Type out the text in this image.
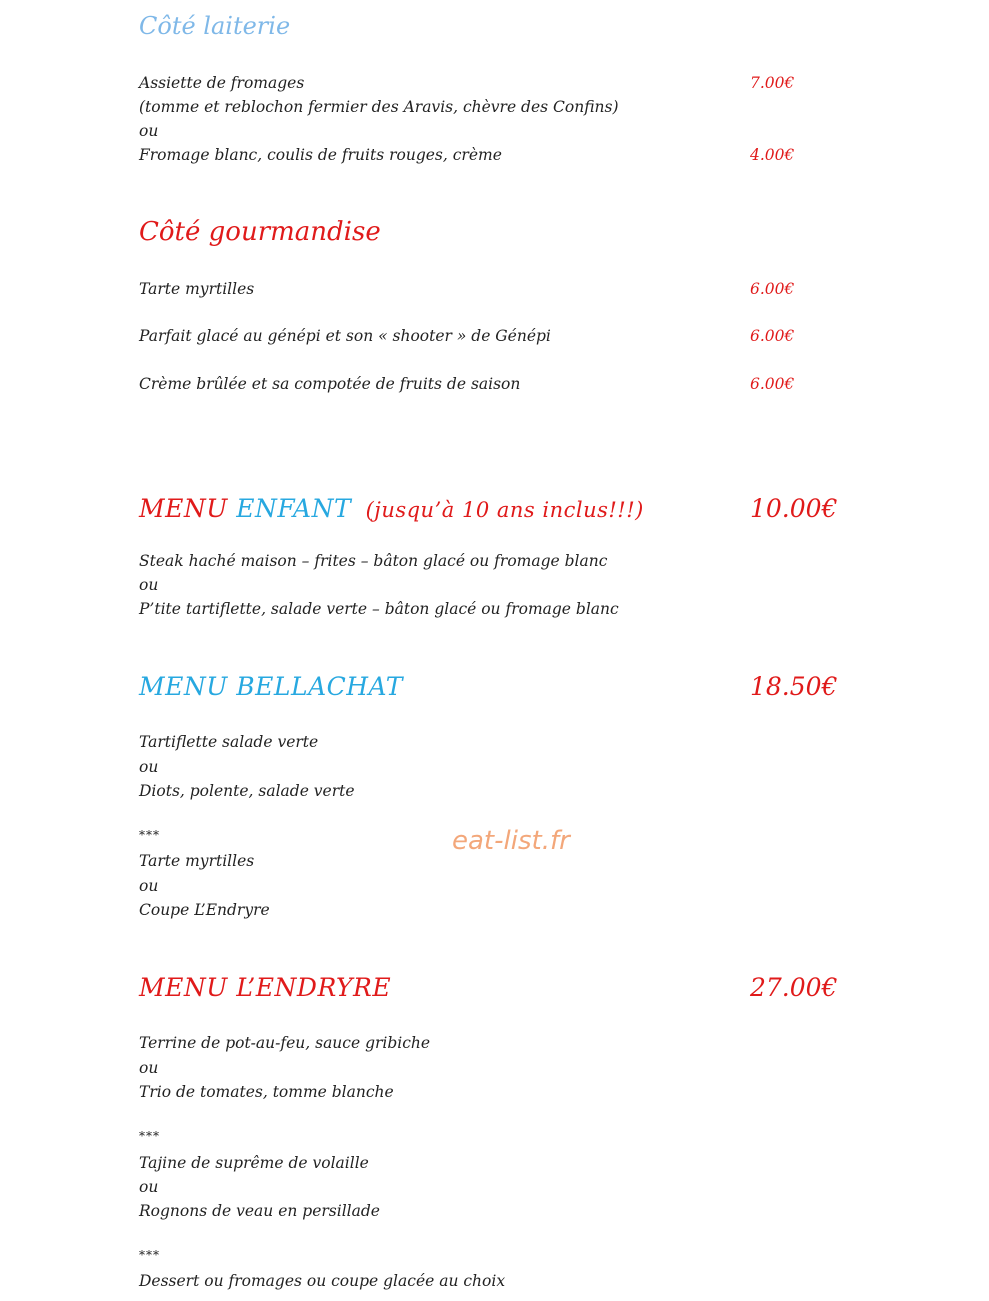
Côté laiterie
Assiette de fromages	7.00€
(tomme et reblochon fermier des Aravis, chèvre des Confins)
ou
Fromage blanc, coulis de fruits rouges, crème	4.00€
Côté gourmandise
Tarte myrtilles	6.00€
Parfait glacé au génépi et son « shooter » de Génépi	6.00€
Crème brûlée et sa compotée de fruits de saison	6.00€
MENU ENFANT (jusqu’à 10 ans inclus!!!)	10.00€
Steak haché maison – frites – bâton glacé ou fromage blanc
ou
P’tite tartiflette, salade verte – bâton glacé ou fromage blanc
MENU BELLACHAT	18.50€
Tartiflette salade verte
ou
Diots, polente, salade verte
***
Tarte myrtilles
ou
Coupe L’Endryre
eat-list.fr
MENU L’ENDRYRE	27.00€
Terrine de pot-au-feu, sauce gribiche
ou
Trio de tomates, tomme blanche
***
Tajine de suprême de volaille
ou
Rognons de veau en persillade
***
Dessert ou fromages ou coupe glacée au choix
